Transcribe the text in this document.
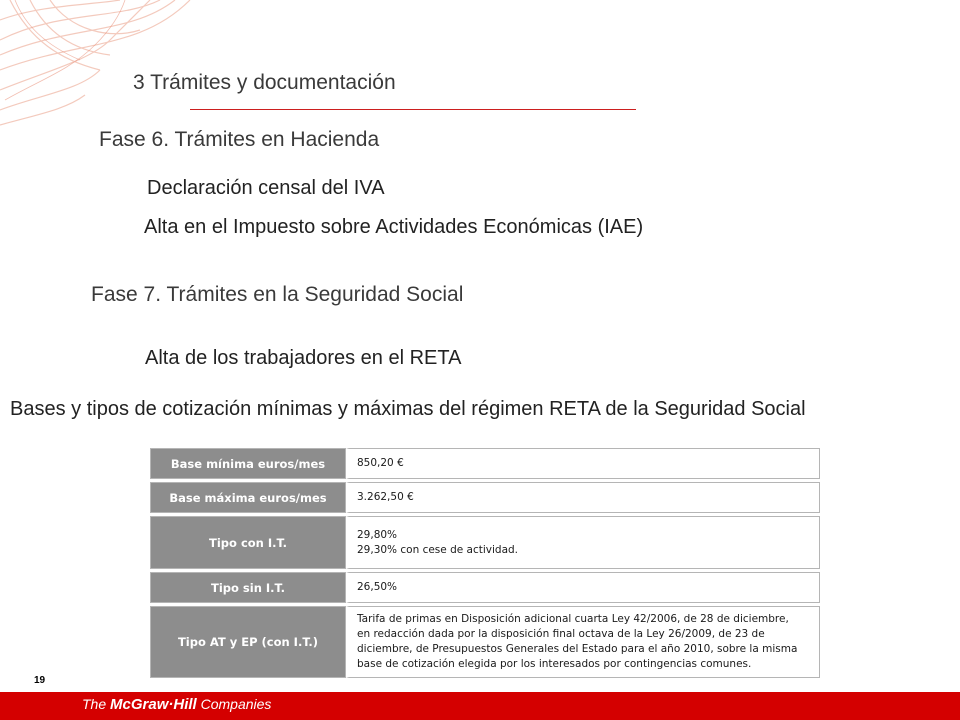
3 Trámites y documentación
Fase 6. Trámites en Hacienda
Declaración censal del IVA
Alta en el Impuesto sobre Actividades Económicas (IAE)
Fase 7. Trámites en la Seguridad Social
Alta de los trabajadores en el RETA
Bases y tipos de cotización mínimas y máximas del régimen RETA de la Seguridad Social
Base mínima euros/mes	850,20 €

Base máxima euros/mes	3.262,50 €

Tipo con I.T.	29,80%
29,30% con cese de actividad.

Tipo sin I.T.	26,50%

Tipo AT y EP (con I.T.)	Tarifa de primas en Disposición adicional cuarta Ley 42/2006, de 28 de diciembre,
en redacción dada por la disposición final octava de la Ley 26/2009, de 23 de
diciembre, de Presupuestos Generales del Estado para el año 2010, sobre la misma
base de cotización elegida por los interesados por contingencias comunes.
19
The McGraw·Hill Companies
